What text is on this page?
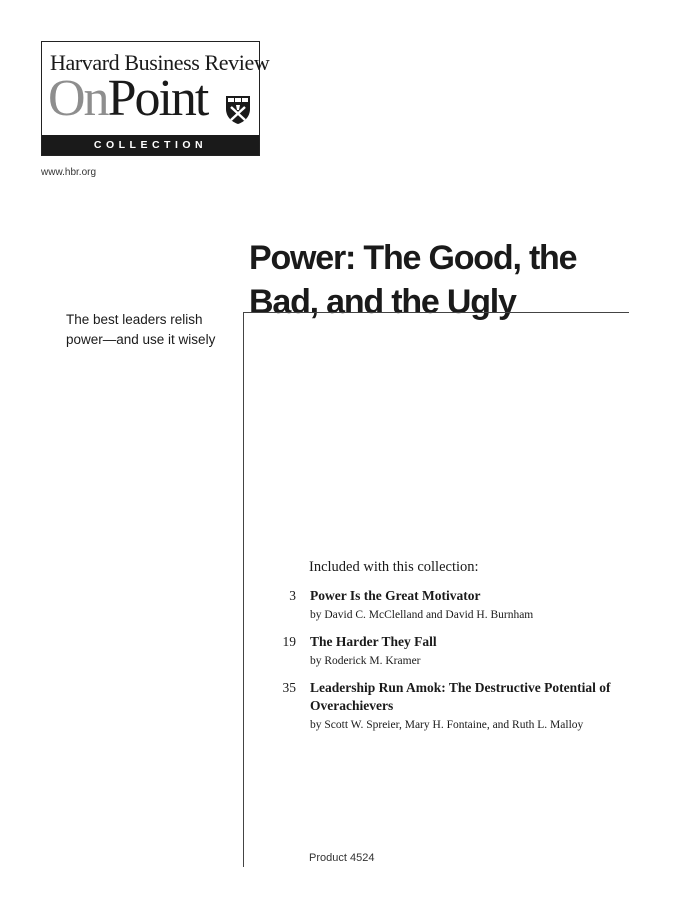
Harvard Business Review
OnPoint
COLLECTION
www.hbr.org
Power: The Good, the Bad, and the Ugly
The best leaders relish power—and use it wisely
Included with this collection:
3 Power Is the Great Motivator
by David C. McClelland and David H. Burnham
19 The Harder They Fall
by Roderick M. Kramer
35 Leadership Run Amok: The Destructive Potential of Overachievers
by Scott W. Spreier, Mary H. Fontaine, and Ruth L. Malloy
Product 4524
